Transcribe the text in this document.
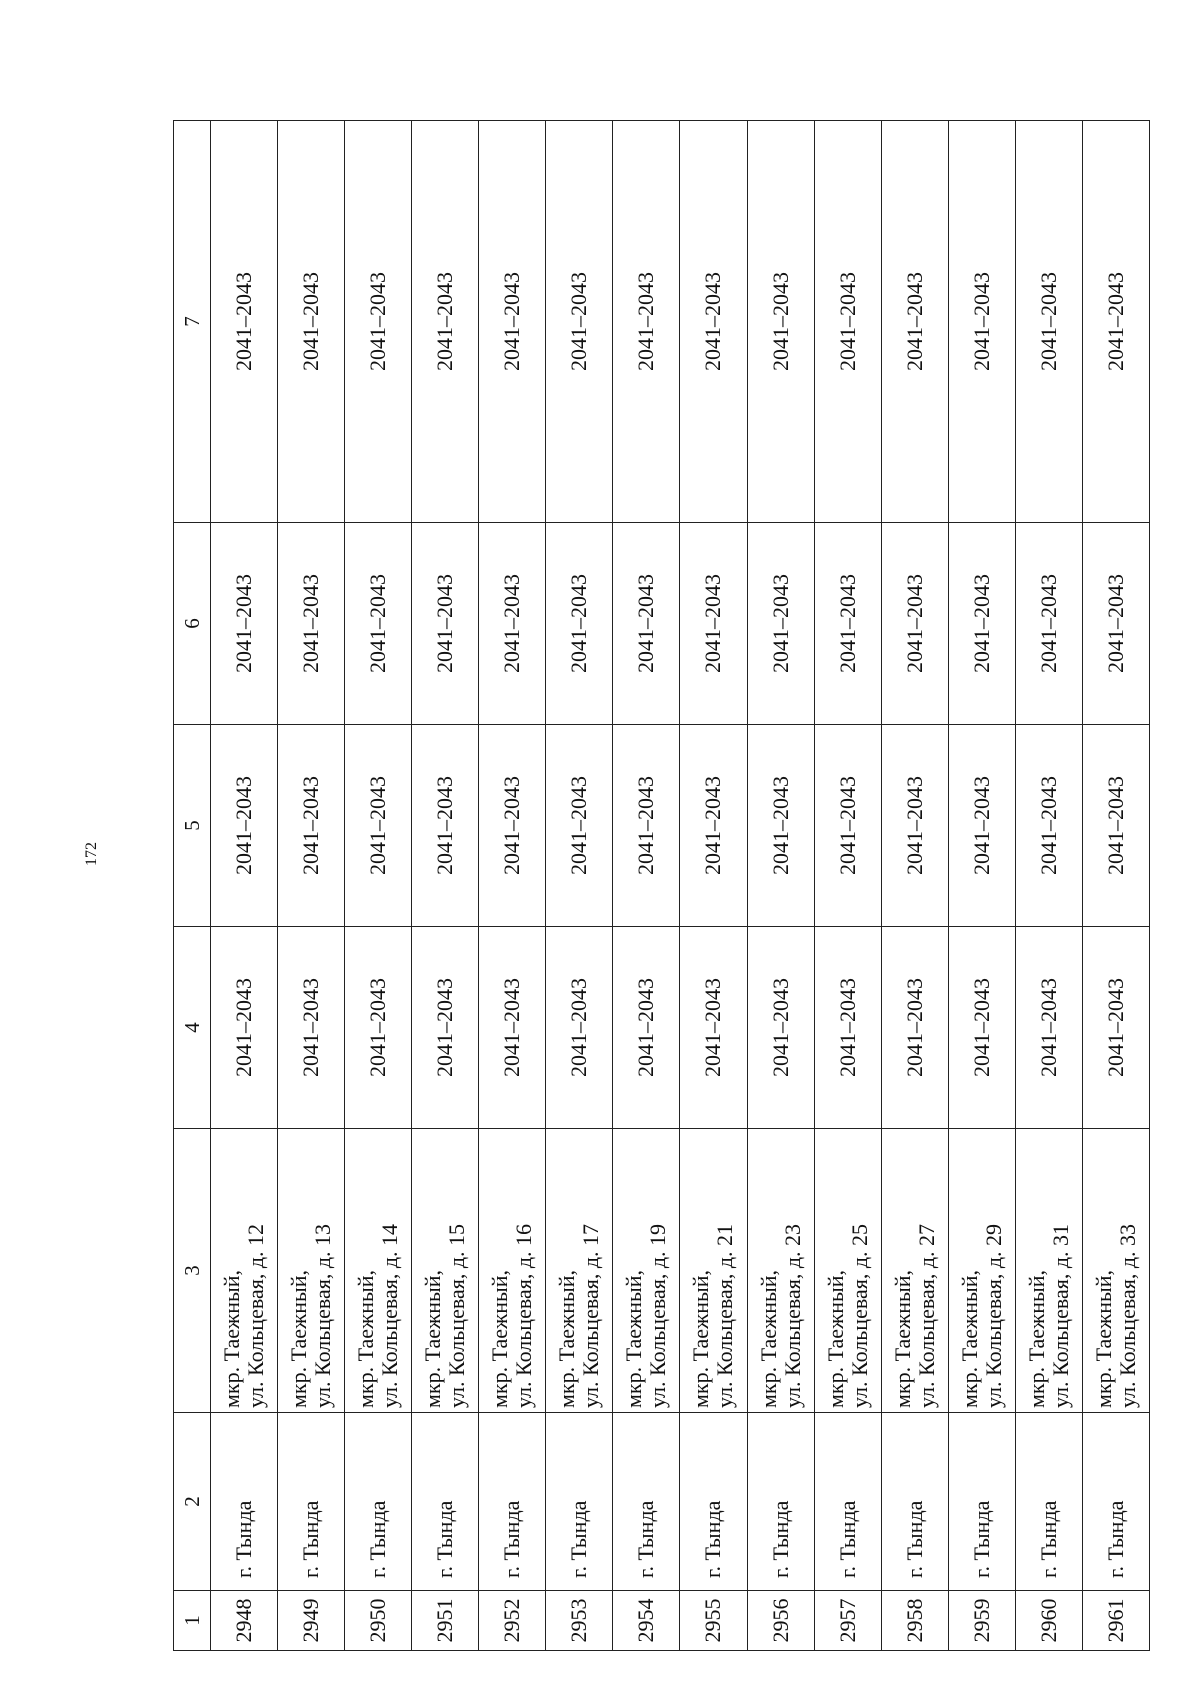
172
1	2	3	4	5	6	7
2948	г. Тында	мкр. Таежный, ул. Кольцевая, д. 12	2041–2043	2041–2043	2041–2043	2041–2043
2949	г. Тында	мкр. Таежный, ул. Кольцевая, д. 13	2041–2043	2041–2043	2041–2043	2041–2043
2950	г. Тында	мкр. Таежный, ул. Кольцевая, д. 14	2041–2043	2041–2043	2041–2043	2041–2043
2951	г. Тында	мкр. Таежный, ул. Кольцевая, д. 15	2041–2043	2041–2043	2041–2043	2041–2043
2952	г. Тында	мкр. Таежный, ул. Кольцевая, д. 16	2041–2043	2041–2043	2041–2043	2041–2043
2953	г. Тында	мкр. Таежный, ул. Кольцевая, д. 17	2041–2043	2041–2043	2041–2043	2041–2043
2954	г. Тында	мкр. Таежный, ул. Кольцевая, д. 19	2041–2043	2041–2043	2041–2043	2041–2043
2955	г. Тында	мкр. Таежный, ул. Кольцевая, д. 21	2041–2043	2041–2043	2041–2043	2041–2043
2956	г. Тында	мкр. Таежный, ул. Кольцевая, д. 23	2041–2043	2041–2043	2041–2043	2041–2043
2957	г. Тында	мкр. Таежный, ул. Кольцевая, д. 25	2041–2043	2041–2043	2041–2043	2041–2043
2958	г. Тында	мкр. Таежный, ул. Кольцевая, д. 27	2041–2043	2041–2043	2041–2043	2041–2043
2959	г. Тында	мкр. Таежный, ул. Кольцевая, д. 29	2041–2043	2041–2043	2041–2043	2041–2043
2960	г. Тында	мкр. Таежный, ул. Кольцевая, д. 31	2041–2043	2041–2043	2041–2043	2041–2043
2961	г. Тында	мкр. Таежный, ул. Кольцевая, д. 33	2041–2043	2041–2043	2041–2043	2041–2043
